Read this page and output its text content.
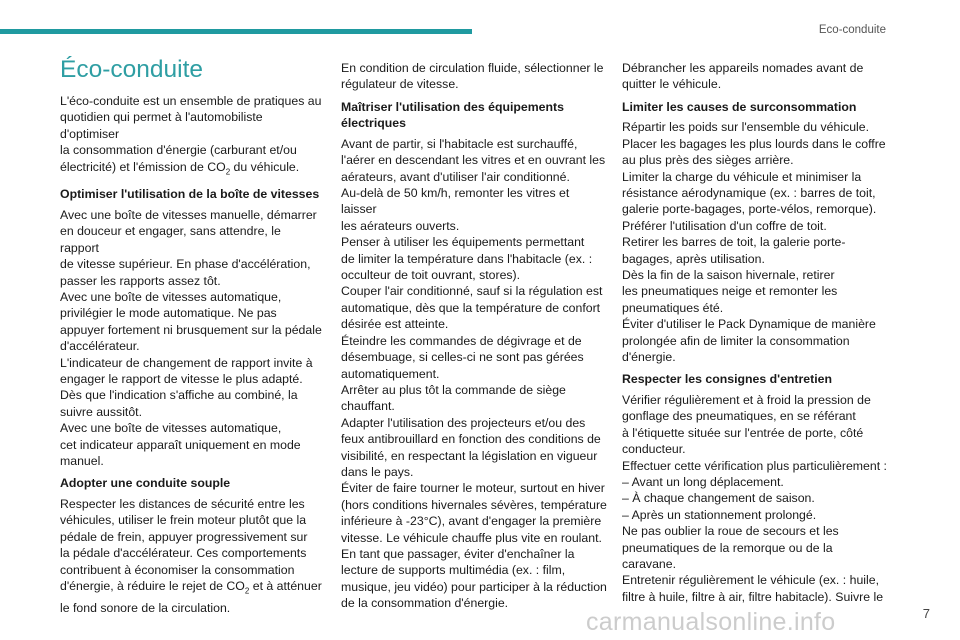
Eco-conduite
Éco-conduite

L'éco-conduite est un ensemble de pratiques au
quotidien qui permet à l'automobiliste d'optimiser
la consommation d'énergie (carburant et/ou
électricité) et l'émission de $CO_2$ du véhicule.

Optimiser l'utilisation de la boîte de vitesses

Avec une boîte de vitesses manuelle, démarrer
en douceur et engager, sans attendre, le rapport
de vitesse supérieur. En phase d'accélération,
passer les rapports assez tôt.
Avec une boîte de vitesses automatique,
privilégier le mode automatique. Ne pas
appuyer fortement ni brusquement sur la pédale
d'accélérateur.
L'indicateur de changement de rapport invite à
engager le rapport de vitesse le plus adapté.
Dès que l'indication s'affiche au combiné, la
suivre aussitôt.
Avec une boîte de vitesses automatique,
cet indicateur apparaît uniquement en mode
manuel.

Adopter une conduite souple

Respecter les distances de sécurité entre les
véhicules, utiliser le frein moteur plutôt que la
pédale de frein, appuyer progressivement sur
la pédale d'accélérateur. Ces comportements
contribuent à économiser la consommation
d'énergie, à réduire le rejet de $CO_2$ et à atténuer
le fond sonore de la circulation.

En condition de circulation fluide, sélectionner le
régulateur de vitesse.

Maîtriser l'utilisation des équipements électriques

Avant de partir, si l'habitacle est surchauffé,
l'aérer en descendant les vitres et en ouvrant les
aérateurs, avant d'utiliser l'air conditionné.
Au-delà de 50 km/h, remonter les vitres et laisser
les aérateurs ouverts.
Penser à utiliser les équipements permettant
de limiter la température dans l'habitacle (ex. :
occulteur de toit ouvrant, stores).
Couper l'air conditionné, sauf si la régulation est
automatique, dès que la température de confort
désirée est atteinte.
Éteindre les commandes de dégivrage et de
désembuage, si celles-ci ne sont pas gérées
automatiquement.
Arrêter au plus tôt la commande de siège
chauffant.
Adapter l'utilisation des projecteurs et/ou des
feux antibrouillard en fonction des conditions de
visibilité, en respectant la législation en vigueur
dans le pays.
Éviter de faire tourner le moteur, surtout en hiver
(hors conditions hivernales sévères, température
inférieure à -23°C), avant d'engager la première
vitesse. Le véhicule chauffe plus vite en roulant.
En tant que passager, éviter d'enchaîner la
lecture de supports multimédia (ex. : film,
musique, jeu vidéo) pour participer à la réduction
de la consommation d'énergie.

Débrancher les appareils nomades avant de
quitter le véhicule.

Limiter les causes de surconsommation

Répartir les poids sur l'ensemble du véhicule.
Placer les bagages les plus lourds dans le coffre
au plus près des sièges arrière.
Limiter la charge du véhicule et minimiser la
résistance aérodynamique (ex. : barres de toit,
galerie porte-bagages, porte-vélos, remorque).
Préférer l'utilisation d'un coffre de toit.
Retirer les barres de toit, la galerie porte-
bagages, après utilisation.
Dès la fin de la saison hivernale, retirer
les pneumatiques neige et remonter les
pneumatiques été.
Éviter d'utiliser le Pack Dynamique de manière
prolongée afin de limiter la consommation
d'énergie.

Respecter les consignes d'entretien

Vérifier régulièrement et à froid la pression de
gonflage des pneumatiques, en se référant
à l'étiquette située sur l'entrée de porte, côté
conducteur.
Effectuer cette vérification plus particulièrement :
– Avant un long déplacement.
– À chaque changement de saison.
– Après un stationnement prolongé.
Ne pas oublier la roue de secours et les
pneumatiques de la remorque ou de la
caravane.
Entretenir régulièrement le véhicule (ex. : huile,
filtre à huile, filtre à air, filtre habitacle). Suivre le

carmanualsonline.info	7
